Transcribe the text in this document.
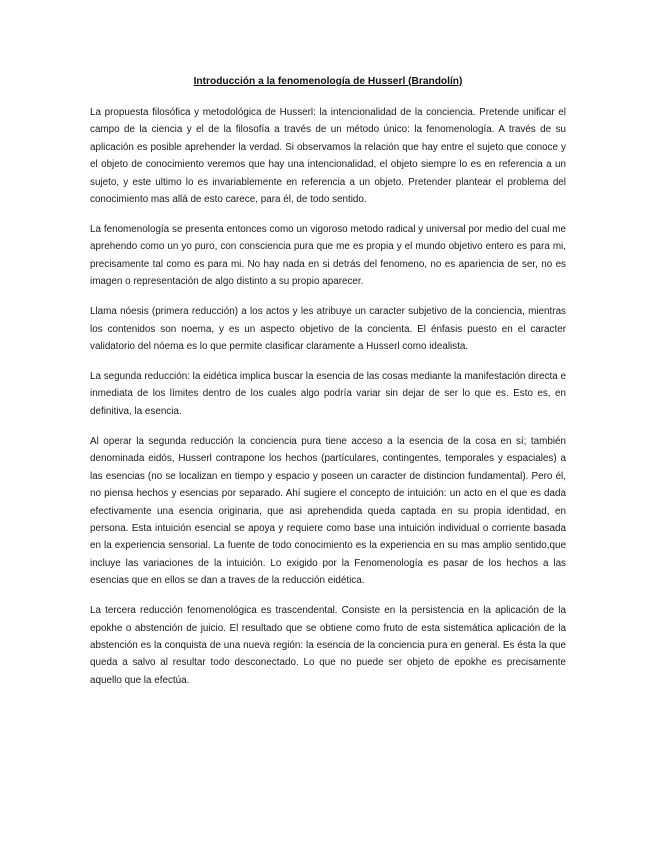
Introducción a la fenomenología de Husserl (Brandolín)

La propuesta filosófica y metodológica de Husserl: la intencionalidad de la conciencia. Pretende unificar el campo de la ciencia y el de la filosofía a través de un método único: la fenomenología. A través de su aplicación es posible aprehender la verdad. Si observamos la relación que hay entre el sujeto que conoce y el objeto de conocimiento veremos que hay una intencionalidad, el objeto siempre lo es en referencia a un sujeto, y este ultimo lo es invariablemente en referencia a un objeto. Pretender plantear el problema del conocimiento mas allá de esto carece, para él, de todo sentido.

La fenomenología se presenta entonces como un vigoroso metodo radical y universal por medio del cual me aprehendo como un yo puro, con consciencia pura que me es propia y el mundo objetivo entero es para mi, precisamente tal como es para mi. No hay nada en si detrás del fenomeno, no es apariencia de ser, no es imagen o representación de algo distinto a su propio aparecer.

Llama nóesis (primera reducción) a los actos y les atribuye un caracter subjetivo de la conciencia, mientras los contenidos son noema, y es un aspecto objetivo de la concienta. El énfasis puesto en el caracter validatorio del nóema es lo que permite clasificar claramente a Husserl como idealista.

La segunda reducción: la eidética implica buscar la esencia de las cosas mediante la manifestación directa e inmediata de los límites dentro de los cuales algo podría variar sin dejar de ser lo que es. Esto es, en definitiva, la esencia.

Al operar la segunda reducción la conciencia pura tiene acceso a la esencia de la cosa en sí; también denominada eidós, Husserl contrapone los hechos (partículares, contingentes, temporales y espaciales) a las esencias (no se localizan en tiempo y espacio y poseen un caracter de distincion fundamental). Pero él, no piensa hechos y esencias por separado. Ahí sugiere el concepto de intuición: un acto en el que es dada efectivamente una esencia originaria, que asi aprehendida queda captada en su propia identidad, en persona. Esta intuición esencial se apoya y requiere como base una intuición individual o corriente basada en la experiencia sensorial. La fuente de todo conocimiento es la experiencia en su mas amplio sentido,que incluye las variaciones de la intuición. Lo exigido por la Fenomenología es pasar de los hechos a las esencias que en ellos se dan a traves de la reducción eidética.

La tercera reducción fenomenológica es trascendental. Consiste en la persistencia en la aplicación de la epokhe o abstención de juicio. El resultado que se obtiene como fruto de esta sistemática aplicación de la abstención es la conquista de una nueva región: la esencia de la conciencia pura en general. Es ésta la que queda a salvo al resultar todo desconectado. Lo que no puede ser objeto de epokhe es precisamente aquello que la efectúa.
